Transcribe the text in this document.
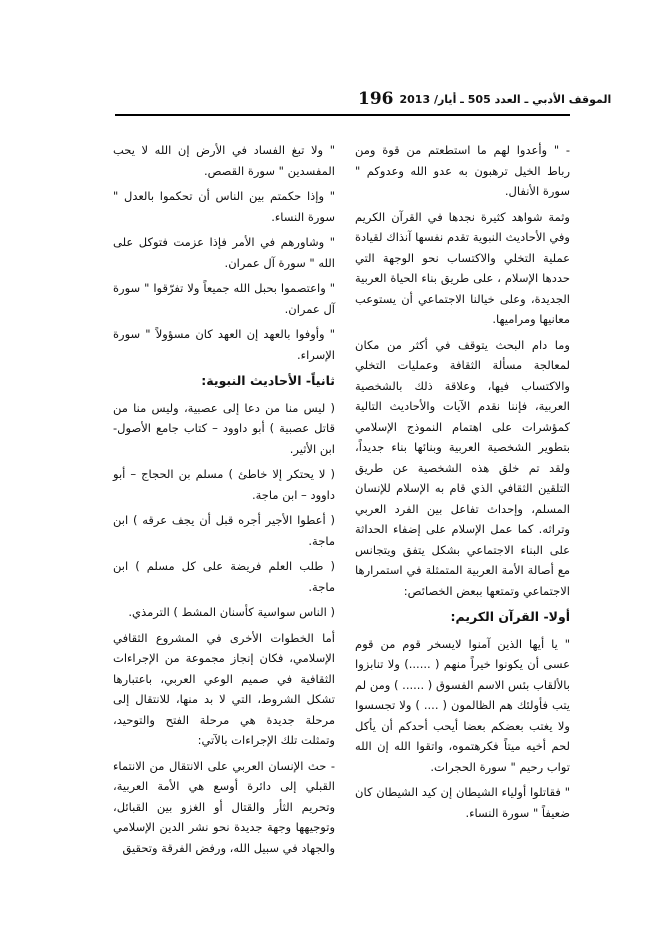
196 الموقف الأدبي ـ العدد 505 ـ أيار/ 2013

- " وأعدوا لهم ما استطعتم من قوة ومن رباط الخيل ترهبون به عدو الله وعدوكم " سورة الأنفال.

وثمة شواهد كثيرة نجدها في القرآن الكريم وفي الأحاديث النبوية تقدم نفسها آنذاك لقيادة عملية التخلي والاكتساب نحو الوجهة التي حددها الإسلام ، على طريق بناء الحياة العربية الجديدة، وعلى خيالنا الاجتماعي أن يستوعب معانيها ومراميها.

وما دام البحث يتوقف في أكثر من مكان لمعالجة مسألة الثقافة وعمليات التخلي والاكتساب فيها، وعلاقة ذلك بالشخصية العربية، فإننا نقدم الآيات والأحاديث التالية كمؤشرات على اهتمام النموذج الإسلامي بتطوير الشخصية العربية وبنائها بناء جديداً، ولقد تم خلق هذه الشخصية عن طريق التلقين الثقافي الذي قام به الإسلام للإنسان المسلم، وإحداث تفاعل بين الفرد العربي وتراثه. كما عمل الإسلام على إضفاء الحداثة على البناء الاجتماعي بشكل يتفق ويتجانس مع أصالة الأمة العربية المتمثلة في استمرارها الاجتماعي وتمتعها ببعض الخصائص:

أولا- القرآن الكريم:

" يا أيها الذين آمنوا لايسخر قوم من قوم عسى أن يكونوا خيراً منهم ( ......) ولا تنابزوا بالألقاب بئس الاسم الفسوق ( ...... ) ومن لم يتب فأولئك هم الظالمون ( .... ) ولا تجسسوا ولا يغتب بعضكم بعضا أيحب أحدكم أن يأكل لحم أخيه ميتاً فكرهتموه، واتقوا الله إن الله تواب رحيم " سورة الحجرات.

" فقاتلوا أولياء الشيطان إن كيد الشيطان كان ضعيفاً " سورة النساء.

" ولا تبغ الفساد في الأرض إن الله لا يحب المفسدين " سورة القصص.

" وإذا حكمتم بين الناس أن تحكموا بالعدل " سورة النساء.

" وشاورهم في الأمر فإذا عزمت فتوكل على الله " سورة آل عمران.

" واعتصموا بحبل الله جميعاً ولا تفرّقوا " سورة آل عمران.

" وأوفوا بالعهد إن العهد كان مسؤولاً " سورة الإسراء.

ثانياً- الأحاديث النبوية:

( ليس منا من دعا إلى عصبية، وليس منا من قاتل عصبية ) أبو داوود – كتاب جامع الأصول- ابن الأثير.

( لا يحتكر إلا خاطئ ) مسلم بن الحجاج – أبو داوود – ابن ماجة.

( أعطوا الأجير أجره قبل أن يجف عرقه ) ابن ماجة.

( طلب العلم فريضة على كل مسلم ) ابن ماجة.

( الناس سواسية كأسنان المشط ) الترمذي.

أما الخطوات الأخرى في المشروع الثقافي الإسلامي، فكان إنجاز مجموعة من الإجراءات الثقافية في صميم الوعي العربي، باعتبارها تشكل الشروط، التي لا بد منها، للانتقال إلى مرحلة جديدة هي مرحلة الفتح والتوحيد، وتمثلت تلك الإجراءات بالآتي:

- حث الإنسان العربي على الانتقال من الانتماء القبلي إلى دائرة أوسع هي الأمة العربية، وتحريم الثأر والقتال أو الغزو بين القبائل، وتوجيهها وجهة جديدة نحو نشر الدين الإسلامي والجهاد في سبيل الله، ورفض الفرقة وتحقيق
